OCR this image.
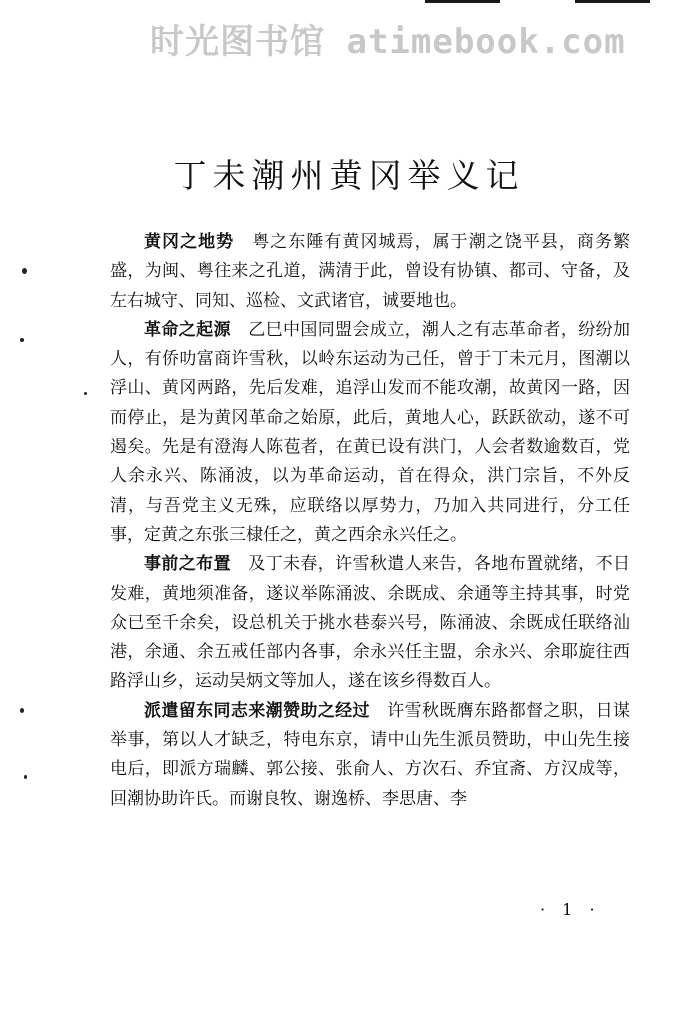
时光图书馆 atimebook.com
丁未潮州黄冈举义记

黄冈之地势　粤之东陲有黄冈城焉，属于潮之饶平县，商务繁盛，为闽、粤往来之孔道，满清于此，曾设有协镇、都司、守备，及左右城守、同知、巡检、文武诸官，诚要地也。

革命之起源　乙巳中国同盟会成立，潮人之有志革命者，纷纷加人，有侨叻富商许雪秋，以岭东运动为己任，曾于丁未元月，图潮以浮山、黄冈两路，先后发难，追浮山发而不能攻潮，故黄冈一路，因而停止，是为黄冈革命之始原，此后，黄地人心，跃跃欲动，遂不可遏矣。先是有澄海人陈苞者，在黄已设有洪门，人会者数逾数百，党人余永兴、陈涌波，以为革命运动，首在得众，洪门宗旨，不外反清，与吾党主义无殊，应联络以厚势力，乃加入共同进行，分工任事，定黄之东张三棣任之，黄之西余永兴任之。

事前之布置　及丁未春，许雪秋遣人来告，各地布置就绪，不日发难，黄地须准备，遂议举陈涌波、余既成、余通等主持其事，时党众已至千余矣，设总机关于挑水巷泰兴号，陈涌波、余既成任联络汕港，余通、余五戒任部内各事，余永兴任主盟，余永兴、余耶旋往西路浮山乡，运动吴炳文等加人，遂在该乡得数百人。

派遣留东同志来潮赞助之经过　许雪秋既膺东路都督之职，日谋举事，第以人才缺乏，特电东京，请中山先生派员赞助，中山先生接电后，即派方瑞麟、郭公接、张俞人、方次石、乔宜斋、方汉成等，回潮协助许氏。而谢良牧、谢逸桥、李思唐、李

· 1 ·
